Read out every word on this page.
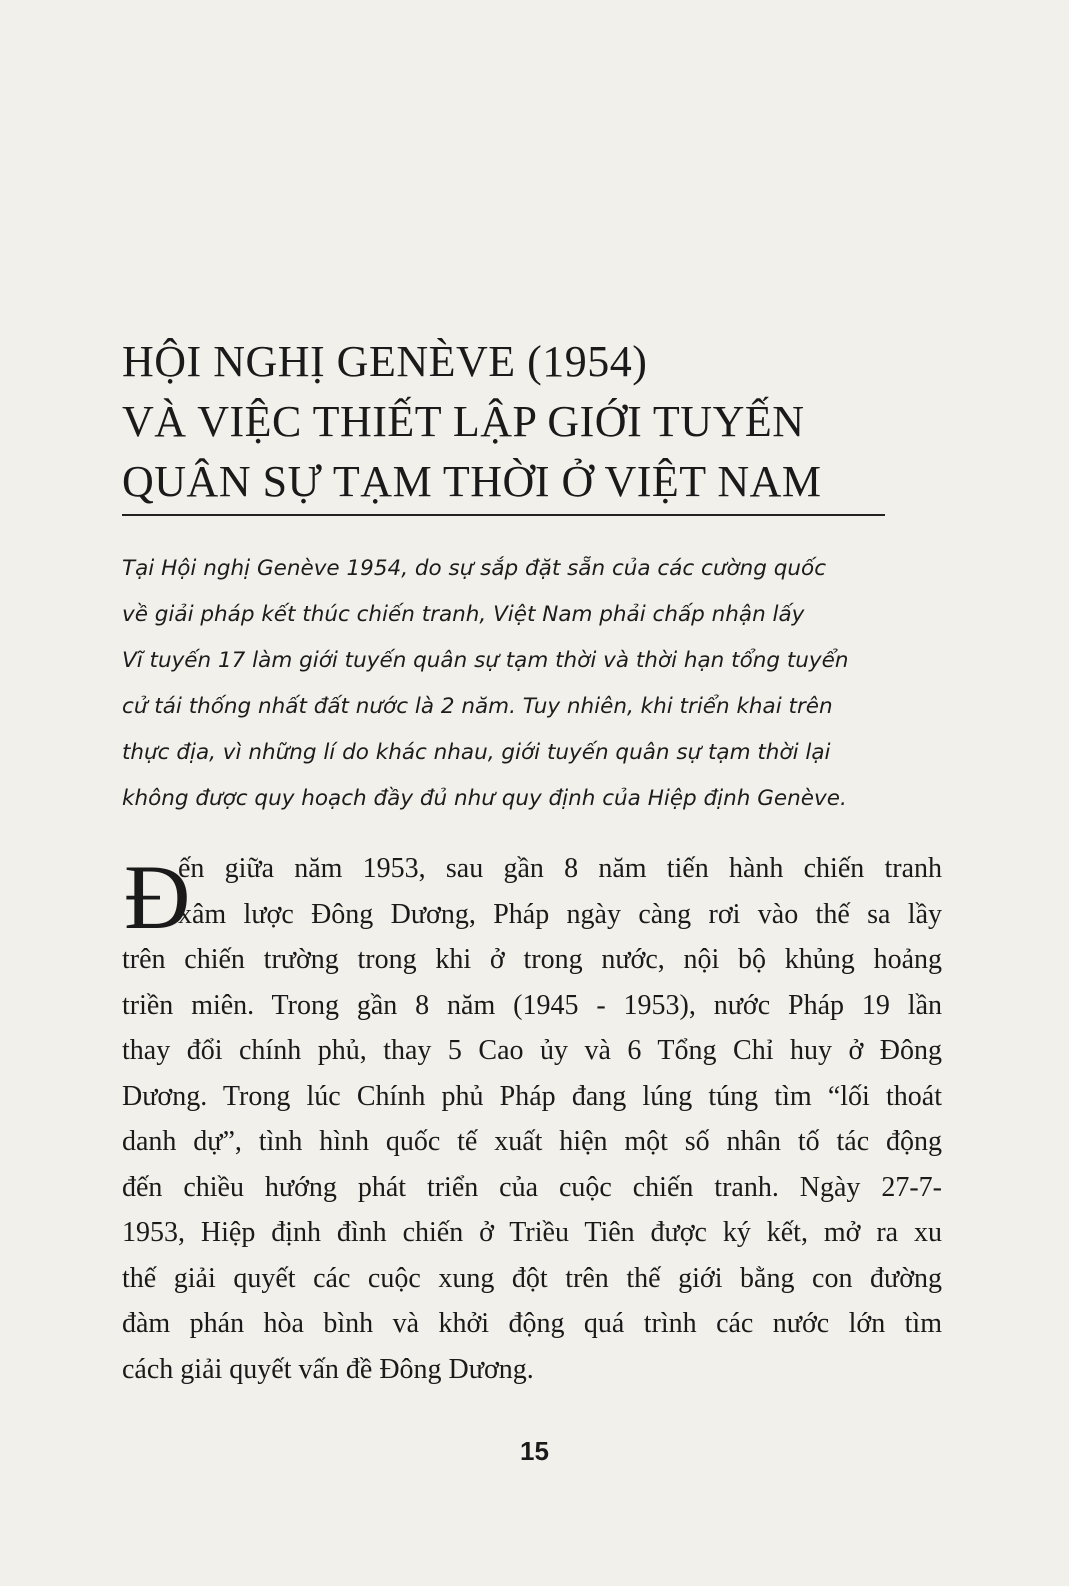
HỘI NGHỊ GENÈVE (1954)
VÀ VIỆC THIẾT LẬP GIỚI TUYẾN
QUÂN SỰ TẠM THỜI Ở VIỆT NAM
Tại Hội nghị Genève 1954, do sự sắp đặt sẵn của các cường quốc
về giải pháp kết thúc chiến tranh, Việt Nam phải chấp nhận lấy
Vĩ tuyến 17 làm giới tuyến quân sự tạm thời và thời hạn tổng tuyển
cử tái thống nhất đất nước là 2 năm. Tuy nhiên, khi triển khai trên
thực địa, vì những lí do khác nhau, giới tuyến quân sự tạm thời lại
không được quy hoạch đầy đủ như quy định của Hiệp định Genève.
Đ
ến giữa năm 1953, sau gần 8 năm tiến hành chiến tranh
xâm lược Đông Dương, Pháp ngày càng rơi vào thế sa lầy
trên chiến trường trong khi ở trong nước, nội bộ khủng hoảng
triền miên. Trong gần 8 năm (1945 - 1953), nước Pháp 19 lần
thay đổi chính phủ, thay 5 Cao ủy và 6 Tổng Chỉ huy ở Đông
Dương. Trong lúc Chính phủ Pháp đang lúng túng tìm “lối thoát
danh dự”, tình hình quốc tế xuất hiện một số nhân tố tác động
đến chiều hướng phát triển của cuộc chiến tranh. Ngày 27-7-
1953, Hiệp định đình chiến ở Triều Tiên được ký kết, mở ra xu
thế giải quyết các cuộc xung đột trên thế giới bằng con đường
đàm phán hòa bình và khởi động quá trình các nước lớn tìm
cách giải quyết vấn đề Đông Dương.
15
